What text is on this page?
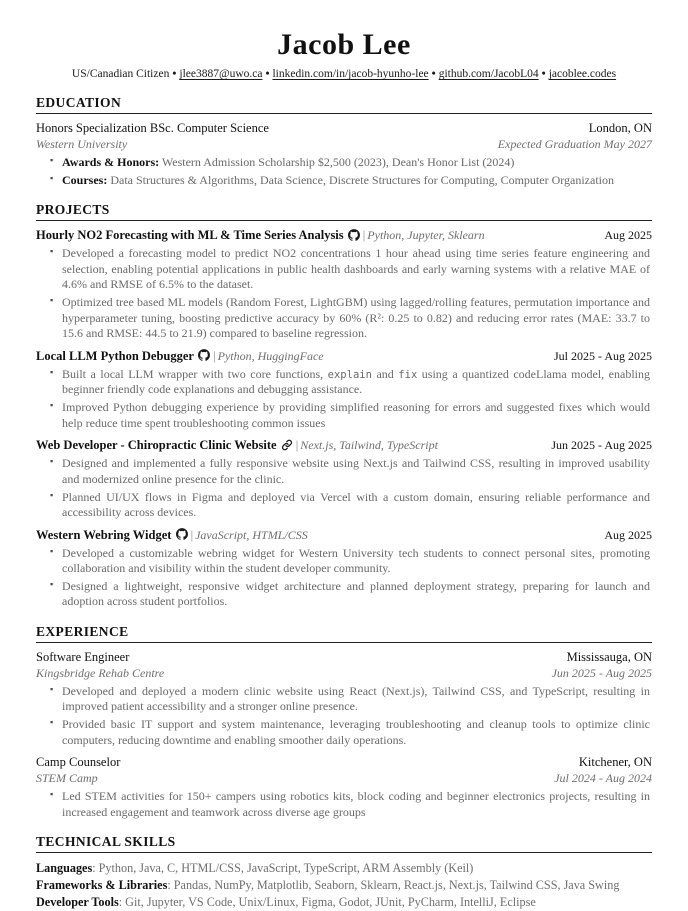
Jacob Lee
US/Canadian Citizen • jlee3887@uwo.ca • linkedin.com/in/jacob-hyunho-lee • github.com/JacobL04 • jacoblee.codes
EDUCATION
Honors Specialization BSc. Computer Science	London, ON
Western University	Expected Graduation May 2027
▪ Awards & Honors: Western Admission Scholarship $2,500 (2023), Dean's Honor List (2024)
▪ Courses: Data Structures & Algorithms, Data Science, Discrete Structures for Computing, Computer Organization
PROJECTS
Hourly NO2 Forecasting with ML & Time Series Analysis | Python, Jupyter, Sklearn	Aug 2025
▪ Developed a forecasting model to predict NO2 concentrations 1 hour ahead using time series feature engineering and selection, enabling potential applications in public health dashboards and early warning systems with a relative MAE of 4.6% and RMSE of 6.5% to the dataset.
▪ Optimized tree based ML models (Random Forest, LightGBM) using lagged/rolling features, permutation importance and hyperparameter tuning, boosting predictive accuracy by 60% (R²: 0.25 to 0.82) and reducing error rates (MAE: 33.7 to 15.6 and RMSE: 44.5 to 21.9) compared to baseline regression.
Local LLM Python Debugger | Python, HuggingFace	Jul 2025 - Aug 2025
▪ Built a local LLM wrapper with two core functions, explain and fix using a quantized codeLlama model, enabling beginner friendly code explanations and debugging assistance.
▪ Improved Python debugging experience by providing simplified reasoning for errors and suggested fixes which would help reduce time spent troubleshooting common issues
Web Developer - Chiropractic Clinic Website | Next.js, Tailwind, TypeScript	Jun 2025 - Aug 2025
▪ Designed and implemented a fully responsive website using Next.js and Tailwind CSS, resulting in improved usability and modernized online presence for the clinic.
▪ Planned UI/UX flows in Figma and deployed via Vercel with a custom domain, ensuring reliable performance and accessibility across devices.
Western Webring Widget | JavaScript, HTML/CSS	Aug 2025
▪ Developed a customizable webring widget for Western University tech students to connect personal sites, promoting collaboration and visibility within the student developer community.
▪ Designed a lightweight, responsive widget architecture and planned deployment strategy, preparing for launch and adoption across student portfolios.
EXPERIENCE
Software Engineer	Mississauga, ON
Kingsbridge Rehab Centre	Jun 2025 - Aug 2025
▪ Developed and deployed a modern clinic website using React (Next.js), Tailwind CSS, and TypeScript, resulting in improved patient accessibility and a stronger online presence.
▪ Provided basic IT support and system maintenance, leveraging troubleshooting and cleanup tools to optimize clinic computers, reducing downtime and enabling smoother daily operations.
Camp Counselor	Kitchener, ON
STEM Camp	Jul 2024 - Aug 2024
▪ Led STEM activities for 150+ campers using robotics kits, block coding and beginner electronics projects, resulting in increased engagement and teamwork across diverse age groups
TECHNICAL SKILLS
Languages: Python, Java, C, HTML/CSS, JavaScript, TypeScript, ARM Assembly (Keil)
Frameworks & Libraries: Pandas, NumPy, Matplotlib, Seaborn, Sklearn, React.js, Next.js, Tailwind CSS, Java Swing
Developer Tools: Git, Jupyter, VS Code, Unix/Linux, Figma, Godot, JUnit, PyCharm, IntelliJ, Eclipse
